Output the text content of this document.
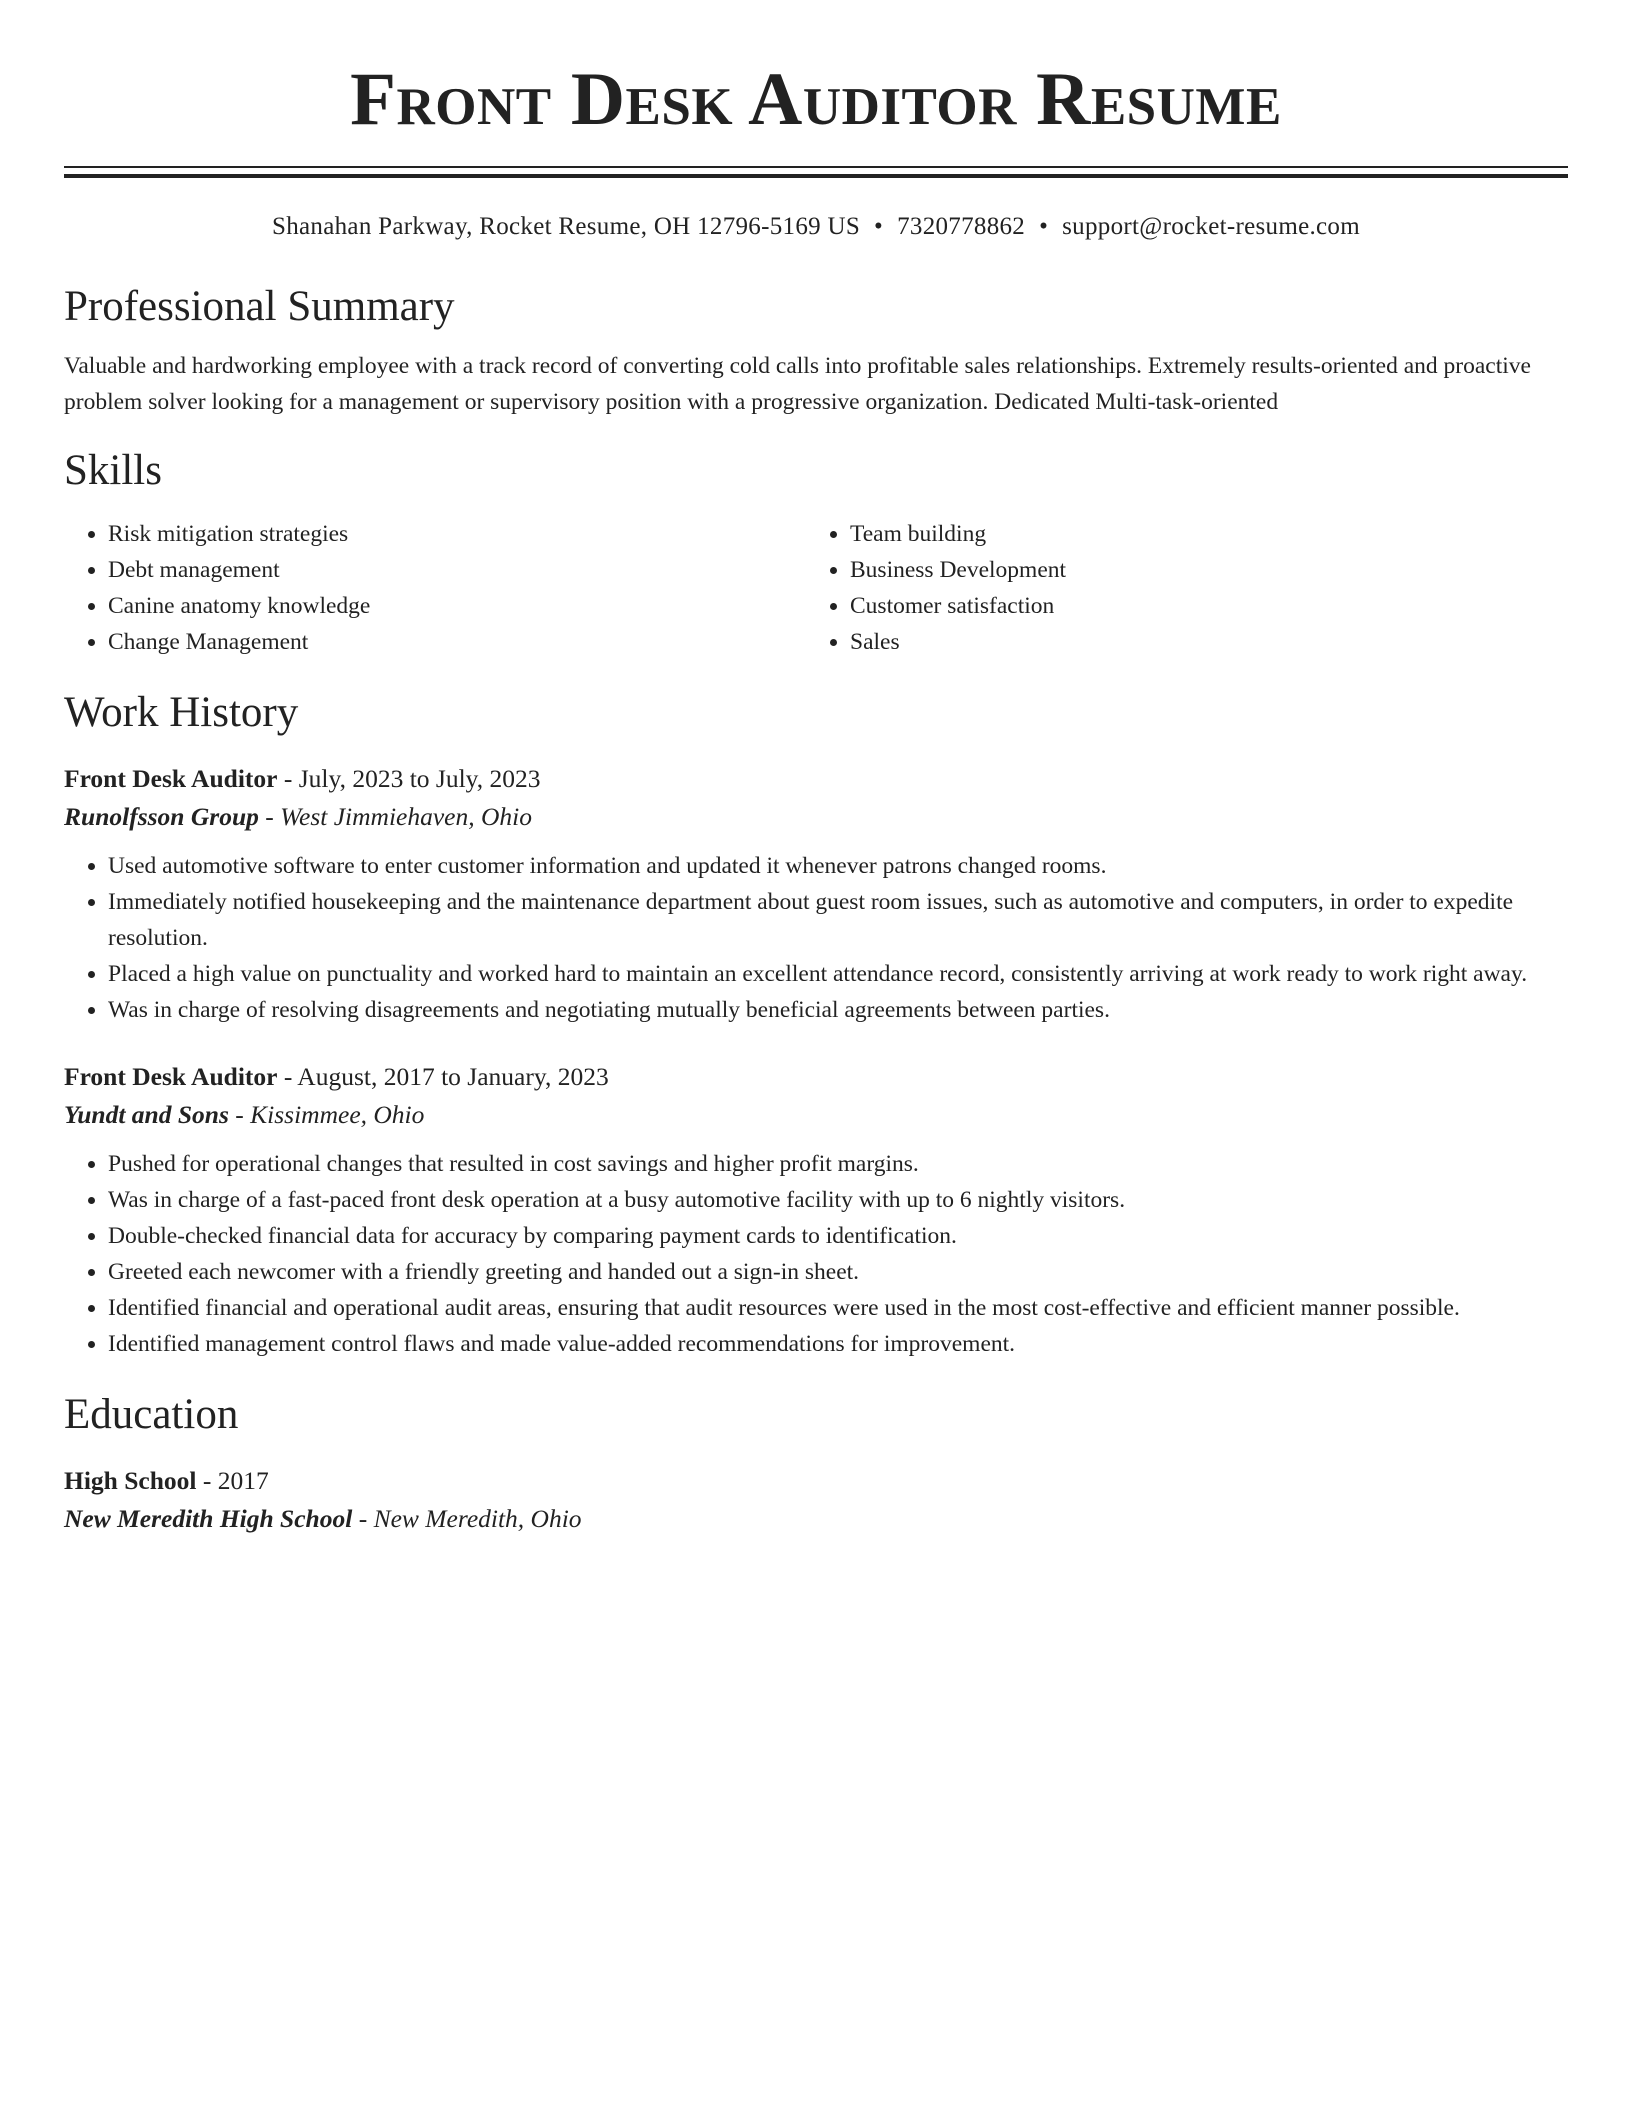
Front Desk Auditor Resume
Shanahan Parkway, Rocket Resume, OH 12796-5169 US • 7320778862 • support@rocket-resume.com
Professional Summary

Valuable and hardworking employee with a track record of converting cold calls into profitable sales relationships. Extremely results-oriented and proactive problem solver looking for a management or supervisory position with a progressive organization. Dedicated Multi-task-oriented

Skills
• Risk mitigation strategies
• Debt management
• Canine anatomy knowledge
• Change Management
• Team building
• Business Development
• Customer satisfaction
• Sales
Work History

Front Desk Auditor - July, 2023 to July, 2023

Runolfsson Group - West Jimmiehaven, Ohio

• Used automotive software to enter customer information and updated it whenever patrons changed rooms.
• Immediately notified housekeeping and the maintenance department about guest room issues, such as automotive and computers, in order to expedite resolution.
• Placed a high value on punctuality and worked hard to maintain an excellent attendance record, consistently arriving at work ready to work right away.
• Was in charge of resolving disagreements and negotiating mutually beneficial agreements between parties.

Front Desk Auditor - August, 2017 to January, 2023

Yundt and Sons - Kissimmee, Ohio

• Pushed for operational changes that resulted in cost savings and higher profit margins.
• Was in charge of a fast-paced front desk operation at a busy automotive facility with up to 6 nightly visitors.
• Double-checked financial data for accuracy by comparing payment cards to identification.
• Greeted each newcomer with a friendly greeting and handed out a sign-in sheet.
• Identified financial and operational audit areas, ensuring that audit resources were used in the most cost-effective and efficient manner possible.
• Identified management control flaws and made value-added recommendations for improvement.
Education

High School - 2017

New Meredith High School - New Meredith, Ohio
